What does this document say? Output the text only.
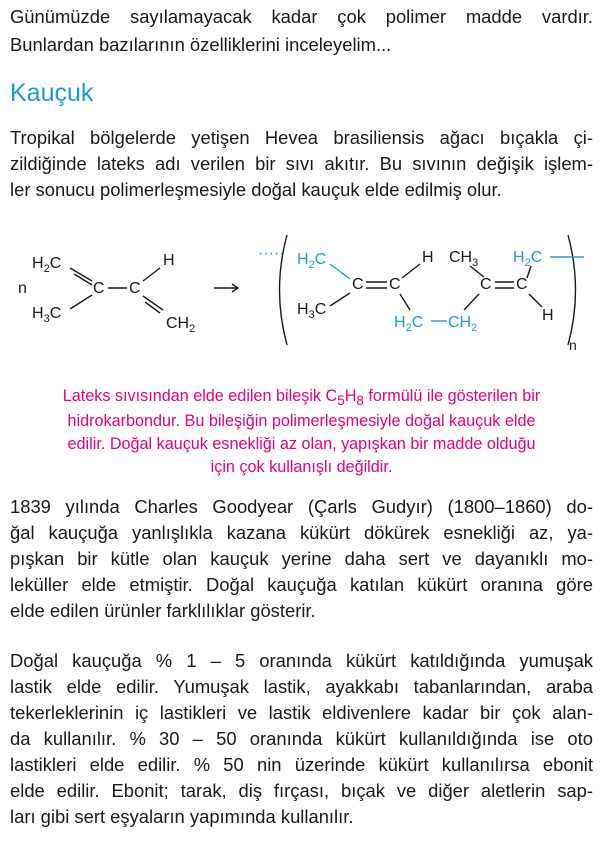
Günümüzde sayılamayacak kadar çok polimer madde vardır.
Bunlardan bazılarının özelliklerini inceleyelim...
Kauçuk
Tropikal bölgelerde yetişen Hevea brasiliensis ağacı bıçakla çi-
zildiğinde lateks adı verilen bir sıvı akıtır. Bu sıvının değişik işlem-
ler sonucu polimerleşmesiyle doğal kauçuk elde edilmiş olur.
n
$H_2C$
$H_3C$
C C
H
$CH_2$
·····
n
$H_2C$
$H_3C$
C C
H $CH_3$
$H_2C$ $CH_2$
C C
$H_2C$
H
Lateks sıvısından elde edilen bileşik $C_5H_8$ formülü ile gösterilen bir
hidrokarbondur. Bu bileşiğin polimerleşmesiyle doğal kauçuk elde
edilir. Doğal kauçuk esnekliği az olan, yapışkan bir madde olduğu
için çok kullanışlı değildir.
1839 yılında Charles Goodyear (Çarls Gudyır) (1800–1860) do-
ğal kauçuğa yanlışlıkla kazana kükürt dökürek esnekliği az, ya-
pışkan bir kütle olan kauçuk yerine daha sert ve dayanıklı mo-
leküller elde etmiştir. Doğal kauçuğa katılan kükürt oranına göre
elde edilen ürünler farklılıklar gösterir.
Doğal kauçuğa % 1 – 5 oranında kükürt katıldığında yumuşak
lastik elde edilir. Yumuşak lastik, ayakkabı tabanlarından, araba
tekerleklerinin iç lastikleri ve lastik eldivenlere kadar bir çok alan-
da kullanılır. % 30 – 50 oranında kükürt kullanıldığında ise oto
lastikleri elde edilir. % 50 nin üzerinde kükürt kullanılırsa ebonit
elde edilir. Ebonit; tarak, diş fırçası, bıçak ve diğer aletlerin sap-
ları gibi sert eşyaların yapımında kullanılır.
